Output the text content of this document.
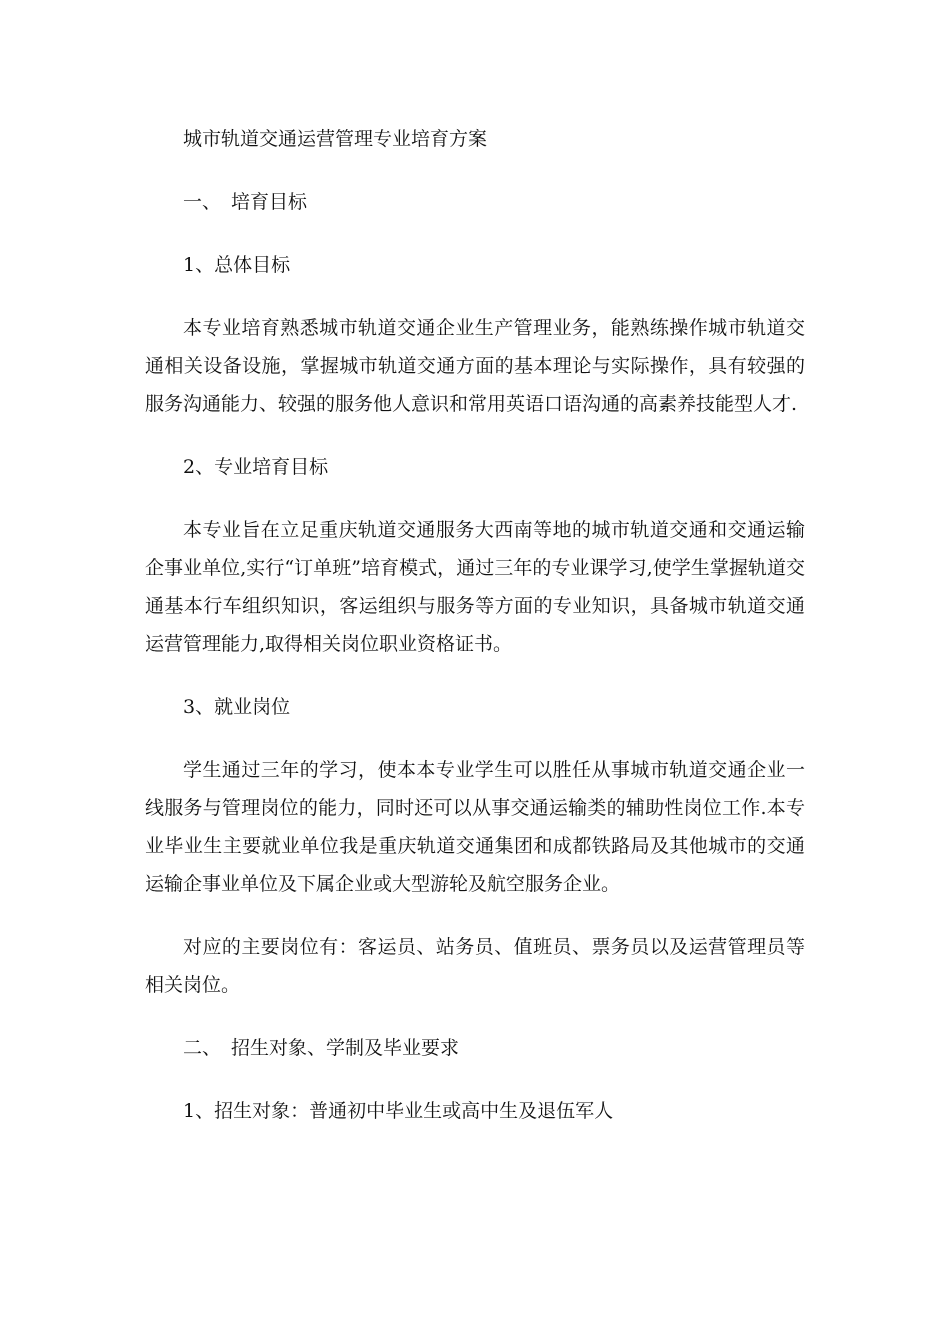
城市轨道交通运营管理专业培育方案
一、 培育目标
1、总体目标

本专业培育熟悉城市轨道交通企业生产管理业务，能熟练操作城市轨道交通相关设备设施，掌握城市轨道交通方面的基本理论与实际操作，具有较强的服务沟通能力、较强的服务他人意识和常用英语口语沟通的高素养技能型人才.

2、专业培育目标

本专业旨在立足重庆轨道交通服务大西南等地的城市轨道交通和交通运输企事业单位,实行“订单班”培育模式，通过三年的专业课学习,使学生掌握轨道交通基本行车组织知识，客运组织与服务等方面的专业知识，具备城市轨道交通运营管理能力,取得相关岗位职业资格证书。

3、就业岗位

学生通过三年的学习，使本本专业学生可以胜任从事城市轨道交通企业一线服务与管理岗位的能力，同时还可以从事交通运输类的辅助性岗位工作.本专业毕业生主要就业单位我是重庆轨道交通集团和成都铁路局及其他城市的交通运输企事业单位及下属企业或大型游轮及航空服务企业。

对应的主要岗位有：客运员、站务员、值班员、票务员以及运营管理员等相关岗位。

二、 招生对象、学制及毕业要求
1、招生对象：普通初中毕业生或高中生及退伍军人
